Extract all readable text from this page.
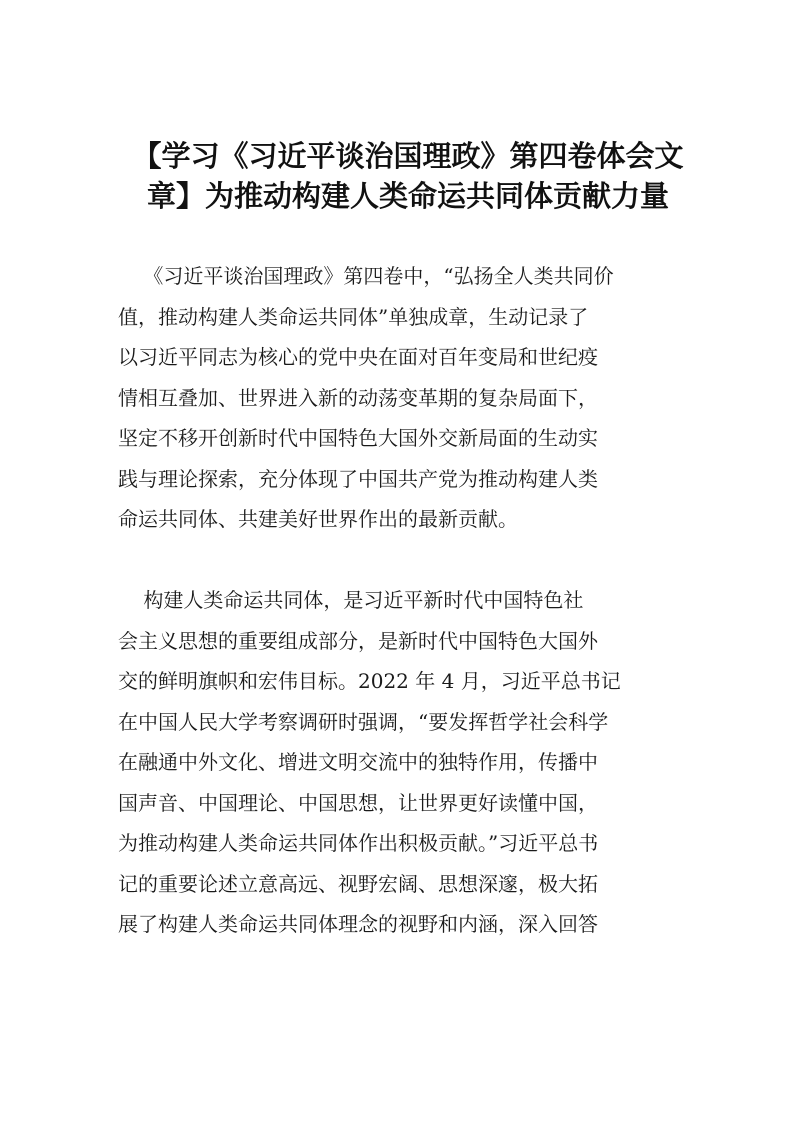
【学习《习近平谈治国理政》第四卷体会文
章】为推动构建人类命运共同体贡献力量
《习近平谈治国理政》第四卷中，“弘扬全人类共同价
值，推动构建人类命运共同体”单独成章，生动记录了
以习近平同志为核心的党中央在面对百年变局和世纪疫
情相互叠加、世界进入新的动荡变革期的复杂局面下，
坚定不移开创新时代中国特色大国外交新局面的生动实
践与理论探索，充分体现了中国共产党为推动构建人类
命运共同体、共建美好世界作出的最新贡献。
构建人类命运共同体，是习近平新时代中国特色社
会主义思想的重要组成部分，是新时代中国特色大国外
交的鲜明旗帜和宏伟目标。2022 年 4 月，习近平总书记
在中国人民大学考察调研时强调，“要发挥哲学社会科学
在融通中外文化、增进文明交流中的独特作用，传播中
国声音、中国理论、中国思想，让世界更好读懂中国，
为推动构建人类命运共同体作出积极贡献。”习近平总书
记的重要论述立意高远、视野宏阔、思想深邃，极大拓
展了构建人类命运共同体理念的视野和内涵，深入回答
